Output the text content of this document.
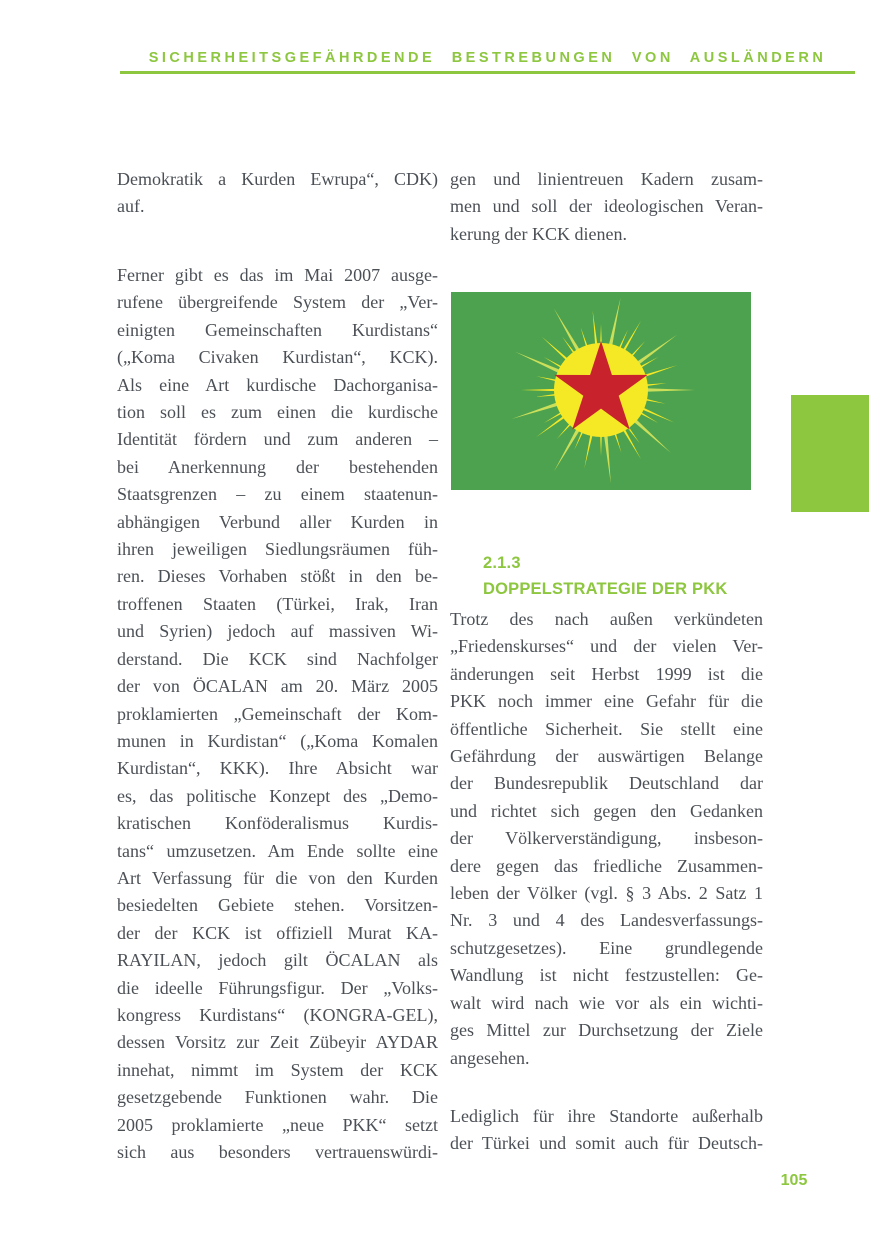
SICHERHEITSGEFÄHRDENDE BESTREBUNGEN VON AUSLÄNDERN
Demokratik a Kurden Ewrupa“, CDK)
auf.
Ferner gibt es das im Mai 2007 ausge-
rufene übergreifende System der „Ver-
einigten Gemeinschaften Kurdistans“
(„Koma Civaken Kurdistan“, KCK).
Als eine Art kurdische Dachorganisa-
tion soll es zum einen die kurdische
Identität fördern und zum anderen –
bei Anerkennung der bestehenden
Staatsgrenzen – zu einem staatenun-
abhängigen Verbund aller Kurden in
ihren jeweiligen Siedlungsräumen füh-
ren. Dieses Vorhaben stößt in den be-
troffenen Staaten (Türkei, Irak, Iran
und Syrien) jedoch auf massiven Wi-
derstand. Die KCK sind Nachfolger
der von ÖCALAN am 20. März 2005
proklamierten „Gemeinschaft der Kom-
munen in Kurdistan“ („Koma Komalen
Kurdistan“, KKK). Ihre Absicht war
es, das politische Konzept des „Demo-
kratischen Konföderalismus Kurdis-
tans“ umzusetzen. Am Ende sollte eine
Art Verfassung für die von den Kurden
besiedelten Gebiete stehen. Vorsitzen-
der der KCK ist offiziell Murat KA-
RAYILAN, jedoch gilt ÖCALAN als
die ideelle Führungsfigur. Der „Volks-
kongress Kurdistans“ (KONGRA-GEL),
dessen Vorsitz zur Zeit Zübeyir AYDAR
innehat, nimmt im System der KCK
gesetzgebende Funktionen wahr. Die
2005 proklamierte „neue PKK“ setzt
sich aus besonders vertrauenswürdi-
gen und linientreuen Kadern zusam-
men und soll der ideologischen Veran-
kerung der KCK dienen.
2.1.3
DOPPELSTRATEGIE DER PKK
Trotz des nach außen verkündeten
„Friedenskurses“ und der vielen Ver-
änderungen seit Herbst 1999 ist die
PKK noch immer eine Gefahr für die
öffentliche Sicherheit. Sie stellt eine
Gefährdung der auswärtigen Belange
der Bundesrepublik Deutschland dar
und richtet sich gegen den Gedanken
der Völkerverständigung, insbeson-
dere gegen das friedliche Zusammen-
leben der Völker (vgl. § 3 Abs. 2 Satz 1
Nr. 3 und 4 des Landesverfassungs-
schutzgesetzes). Eine grundlegende
Wandlung ist nicht festzustellen: Ge-
walt wird nach wie vor als ein wichti-
ges Mittel zur Durchsetzung der Ziele
angesehen.
Lediglich für ihre Standorte außerhalb
der Türkei und somit auch für Deutsch-
105
